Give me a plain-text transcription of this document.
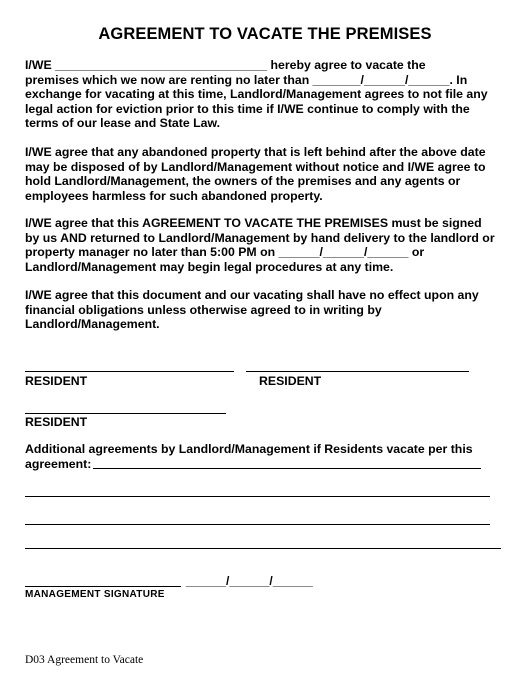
AGREEMENT TO VACATE THE PREMISES
I/WE _______________________________ hereby agree to vacate the
premises which we now are renting no later than _______/______/______. In
exchange for vacating at this time, Landlord/Management agrees to not file any
legal action for eviction prior to this time if I/WE continue to comply with the
terms of our lease and State Law.
I/WE agree that any abandoned property that is left behind after the above date
may be disposed of by Landlord/Management without notice and I/WE agree to
hold Landlord/Management, the owners of the premises and any agents or
employees harmless for such abandoned property.
I/WE agree that this AGREEMENT TO VACATE THE PREMISES must be signed
by us AND returned to Landlord/Management by hand delivery to the landlord or
property manager no later than 5:00 PM on ______/______/______ or
Landlord/Management may begin legal procedures at any time.
I/WE agree that this document and our vacating shall have no effect upon any
financial obligations unless otherwise agreed to in writing by
Landlord/Management.
RESIDENT	RESIDENT
RESIDENT
Additional agreements by Landlord/Management if Residents vacate per this
agreement:
______/______/______
MANAGEMENT SIGNATURE
D03 Agreement to Vacate
